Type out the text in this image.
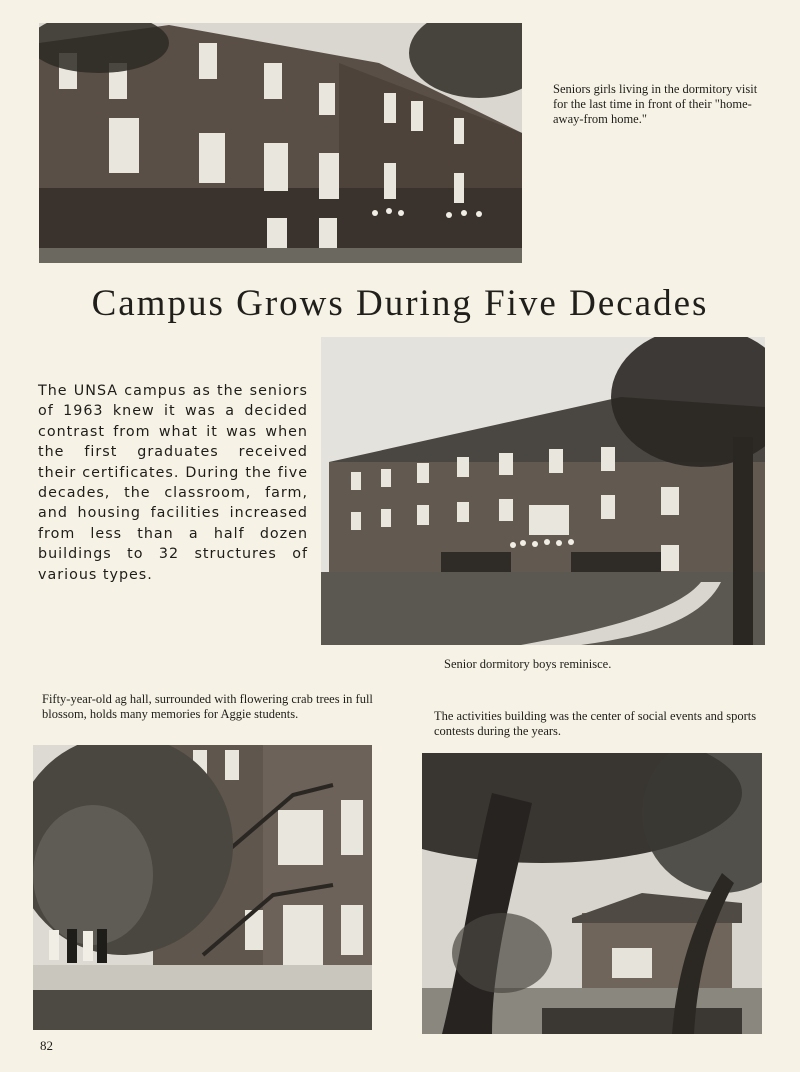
Seniors girls living in the dormitory visit for the last time in front of their "home-away-from home."
Campus Grows During Five Decades

The UNSA campus as the seniors of 1963 knew it was a decided contrast from what it was when the first graduates received their certificates. During the five decades, the classroom, farm, and housing facilities increased from less than a half dozen buildings to 32 structures of various types.

Senior dormitory boys reminisce.
Fifty-year-old ag hall, surrounded with flowering crab trees in full blossom, holds many memories for Aggie students.	The activities building was the center of social events and sports contests during the years.
82
